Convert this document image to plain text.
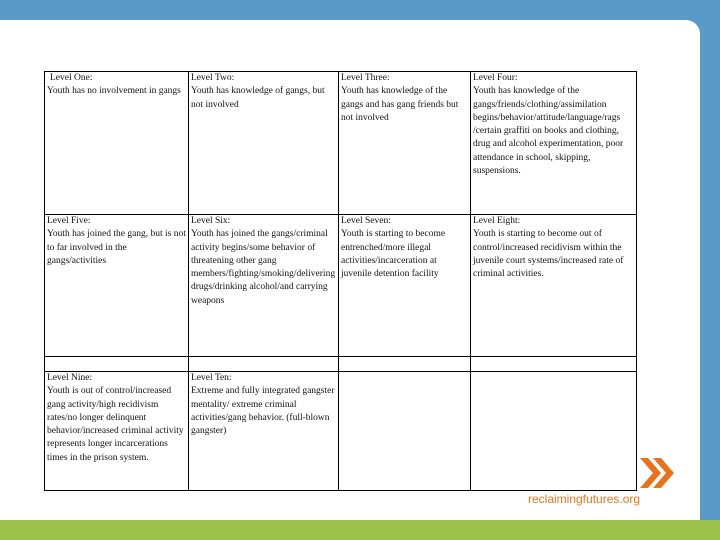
Level One:
Youth has no involvement in gangs	Level Two:
Youth has knowledge of gangs, but not involved	Level Three:
Youth has knowledge of the gangs and has gang friends but not involved	Level Four:
Youth has knowledge of the gangs/friends/clothing/assimilation begins/behavior/attitude/language/rags /certain graffiti on books and clothing, drug and alcohol experimentation, poor attendance in school, skipping, suspensions.

Level Five:
Youth has joined the gang, but is not to far involved in the gangs/activities	Level Six:
Youth has joined the gangs/criminal activity begins/some behavior of threatening other gang members/fighting/smoking/delivering drugs/drinking alcohol/and carrying weapons	Level Seven:
Youth is starting to become entrenched/more illegal activities/incarceration at juvenile detention facility	Level Eight:
Youth is starting to become out of control/increased recidivism within the juvenile court systems/increased rate of criminal activities.

Level Nine:
Youth is out of control/increased gang activity/high recidivism rates/no longer delinquent behavior/increased criminal activity represents longer incarcerations times in the prison system.	Level Ten:
Extreme and fully integrated gangster mentality/ extreme criminal activities/gang behavior. (full-blown gangster)		
reclaimingfutures.org
